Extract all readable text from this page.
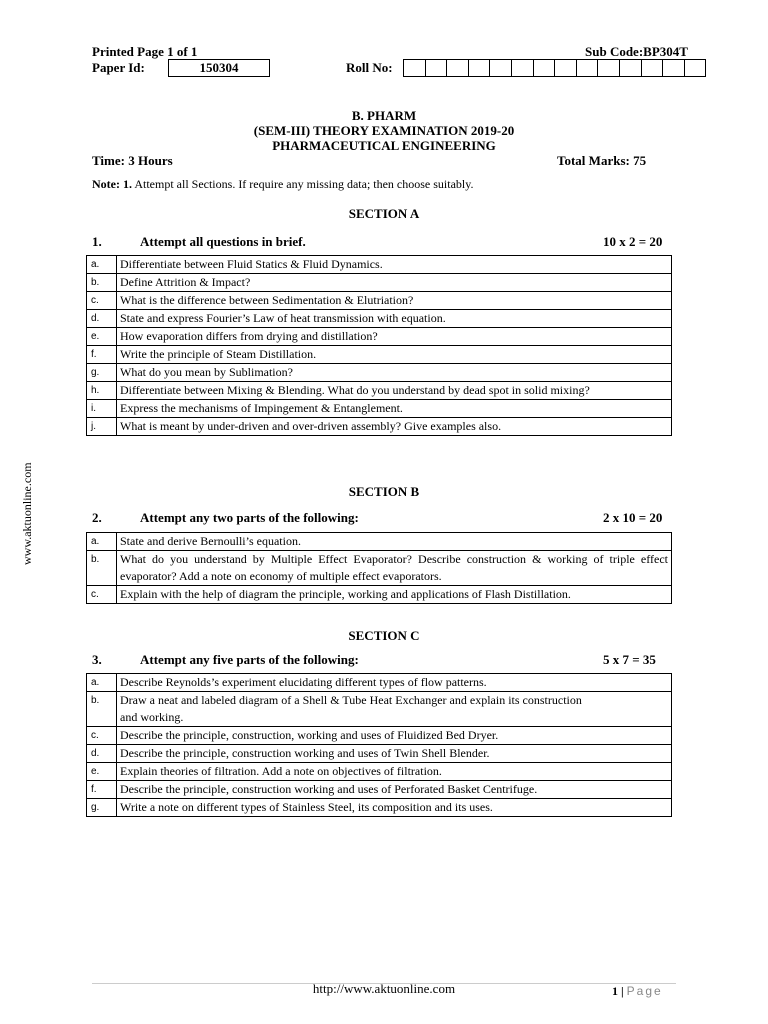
Printed Page 1 of 1	Sub Code:BP304T
Paper Id:	150304	Roll No:
B. PHARM
(SEM-III) THEORY EXAMINATION 2019-20
PHARMACEUTICAL ENGINEERING
Time: 3 Hours	Total Marks: 75
Note: 1. Attempt all Sections. If require any missing data; then choose suitably.
SECTION A
1.	Attempt all questions in brief.	10 x 2 = 20
a.	Differentiate between Fluid Statics & Fluid Dynamics.
b.	Define Attrition & Impact?
c.	What is the difference between Sedimentation & Elutriation?
d.	State and express Fourier’s Law of heat transmission with equation.
e.	How evaporation differs from drying and distillation?
f.	Write the principle of Steam Distillation.
g.	What do you mean by Sublimation?
h.	Differentiate between Mixing & Blending. What do you understand by dead spot in solid mixing?
i.	Express the mechanisms of Impingement & Entanglement.
j.	What is meant by under-driven and over-driven assembly? Give examples also.
SECTION B
2.	Attempt any two parts of the following:	2 x 10 = 20
a.	State and derive Bernoulli’s equation.
b.	What do you understand by Multiple Effect Evaporator? Describe construction & working of triple effect evaporator? Add a note on economy of multiple effect evaporators.
c.	Explain with the help of diagram the principle, working and applications of Flash Distillation.
SECTION C
3.	Attempt any five parts of the following:	5 x 7 = 35
a.	Describe Reynolds’s experiment elucidating different types of flow patterns.
b.	Draw a neat and labeled diagram of a Shell & Tube Heat Exchanger and explain its construction and working.
c.	Describe the principle, construction, working and uses of Fluidized Bed Dryer.
d.	Describe the principle, construction working and uses of Twin Shell Blender.
e.	Explain theories of filtration. Add a note on objectives of filtration.
f.	Describe the principle, construction working and uses of Perforated Basket Centrifuge.
g.	Write a note on different types of Stainless Steel, its composition and its uses.
www.aktuonline.com
http://www.aktuonline.com	1 | Page
